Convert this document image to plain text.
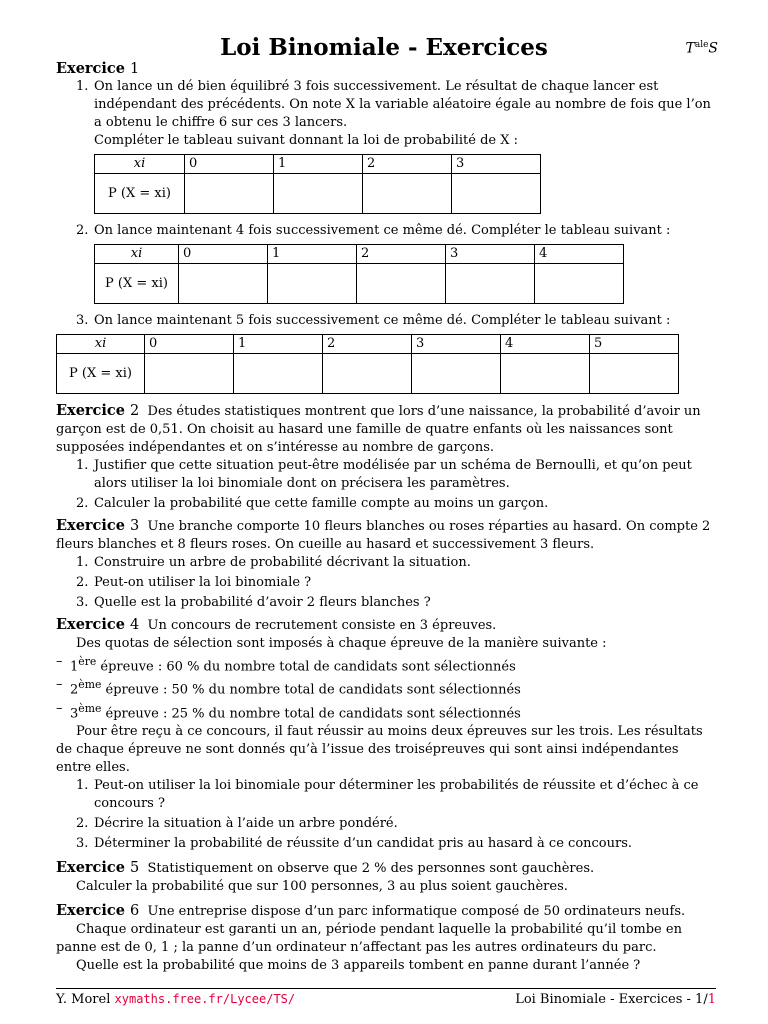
Loi Binomiale - Exercices	$T^{ale}S$
Exercice 1
1. On lance un dé bien équilibré 3 fois successivement. Le résultat de chaque lancer est indépendant des précédents. On note X la variable aléatoire égale au nombre de fois que l’on a obtenu le chiffre 6 sur ces 3 lancers.
Compléter le tableau suivant donnant la loi de probabilité de X :
xi	0	1	2	3
P (X = xi)				
2. On lance maintenant 4 fois successivement ce même dé. Compléter le tableau suivant :
xi	0	1	2	3	4
P (X = xi)					
3. On lance maintenant 5 fois successivement ce même dé. Compléter le tableau suivant :
xi	0	1	2	3	4	5
P (X = xi)						
Exercice 2 Des études statistiques montrent que lors d’une naissance, la probabilité d’avoir un garçon est de 0,51. On choisit au hasard une famille de quatre enfants où les naissances sont supposées indépendantes et on s’intéresse au nombre de garçons.
1. Justifier que cette situation peut-être modélisée par un schéma de Bernoulli, et qu’on peut alors utiliser la loi binomiale dont on précisera les paramètres.
2. Calculer la probabilité que cette famille compte au moins un garçon.
Exercice 3 Une branche comporte 10 fleurs blanches ou roses réparties au hasard. On compte 2 fleurs blanches et 8 fleurs roses. On cueille au hasard et successivement 3 fleurs.
1. Construire un arbre de probabilité décrivant la situation.
2. Peut-on utiliser la loi binomiale ?
3. Quelle est la probabilité d’avoir 2 fleurs blanches ?
Exercice 4 Un concours de recrutement consiste en 3 épreuves.
Des quotas de sélection sont imposés à chaque épreuve de la manière suivante :
– 1ère épreuve : 60 % du nombre total de candidats sont sélectionnés
– 2ème épreuve : 50 % du nombre total de candidats sont sélectionnés
– 3ème épreuve : 25 % du nombre total de candidats sont sélectionnés
Pour être reçu à ce concours, il faut réussir au moins deux épreuves sur les trois. Les résultats de chaque épreuve ne sont donnés qu’à l’issue des troisépreuves qui sont ainsi indépendantes entre elles.
1. Peut-on utiliser la loi binomiale pour déterminer les probabilités de réussite et d’échec à ce concours ?
2. Décrire la situation à l’aide un arbre pondéré.
3. Déterminer la probabilité de réussite d’un candidat pris au hasard à ce concours.
Exercice 5 Statistiquement on observe que 2 % des personnes sont gauchères.
Calculer la probabilité que sur 100 personnes, 3 au plus soient gauchères.
Exercice 6 Une entreprise dispose d’un parc informatique composé de 50 ordinateurs neufs.
Chaque ordinateur est garanti un an, période pendant laquelle la probabilité qu’il tombe en panne est de 0, 1 ; la panne d’un ordinateur n’affectant pas les autres ordinateurs du parc.
Quelle est la probabilité que moins de 3 appareils tombent en panne durant l’année ?
Y. Morel xymaths.free.fr/Lycee/TS/	Loi Binomiale - Exercices - 1/1
